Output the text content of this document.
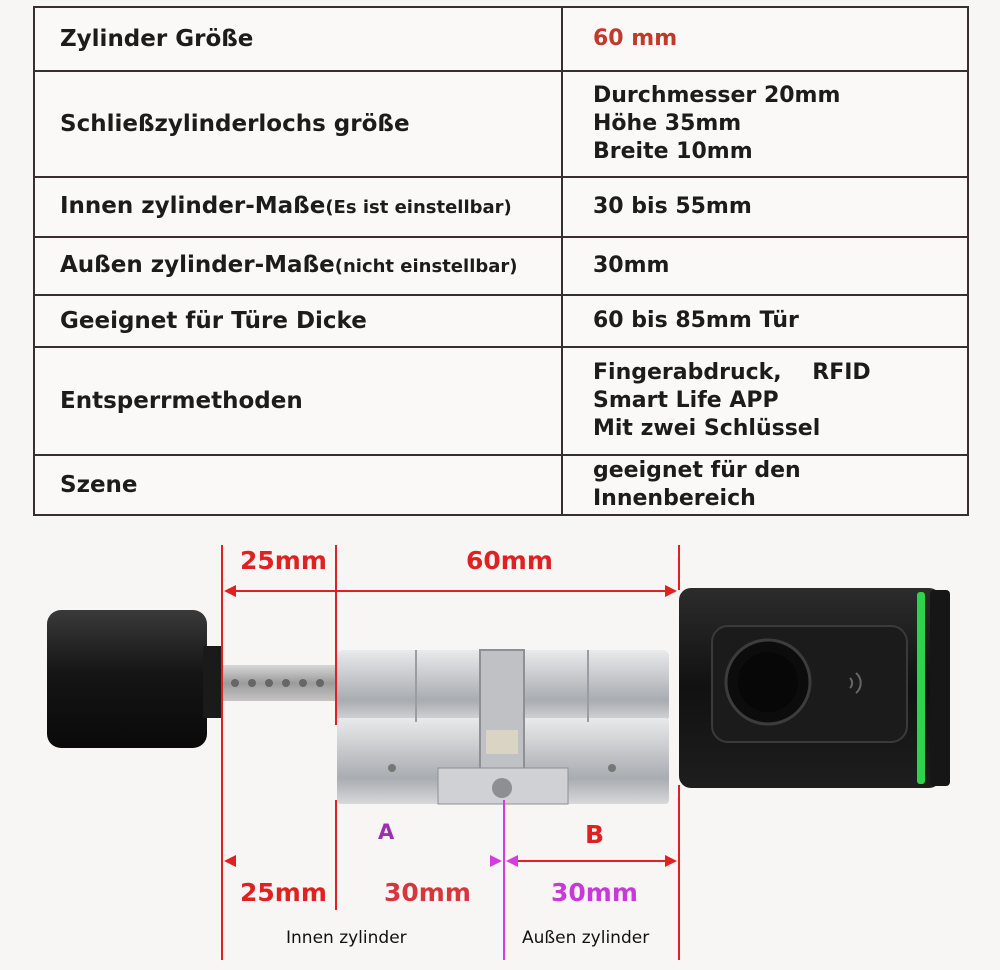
Zylinder Größe	60 mm

Schließzylinderlochs größe	Durchmesser 20mm
Höhe 35mm
Breite 10mm

Innen zylinder-Maße(Es ist einstellbar)	30 bis 55mm

Außen zylinder-Maße(nicht einstellbar)	30mm

Geeignet für Türe Dicke	60 bis 85mm Tür

Entsperrmethoden	Fingerabdruck,    RFID
Smart Life APP
Mit zwei Schlüssel

Szene	geeignet für den Innenbereich
25mm	60mm
A	B
25mm 30mm	30mm
Innen zylinder	Außen zylinder
